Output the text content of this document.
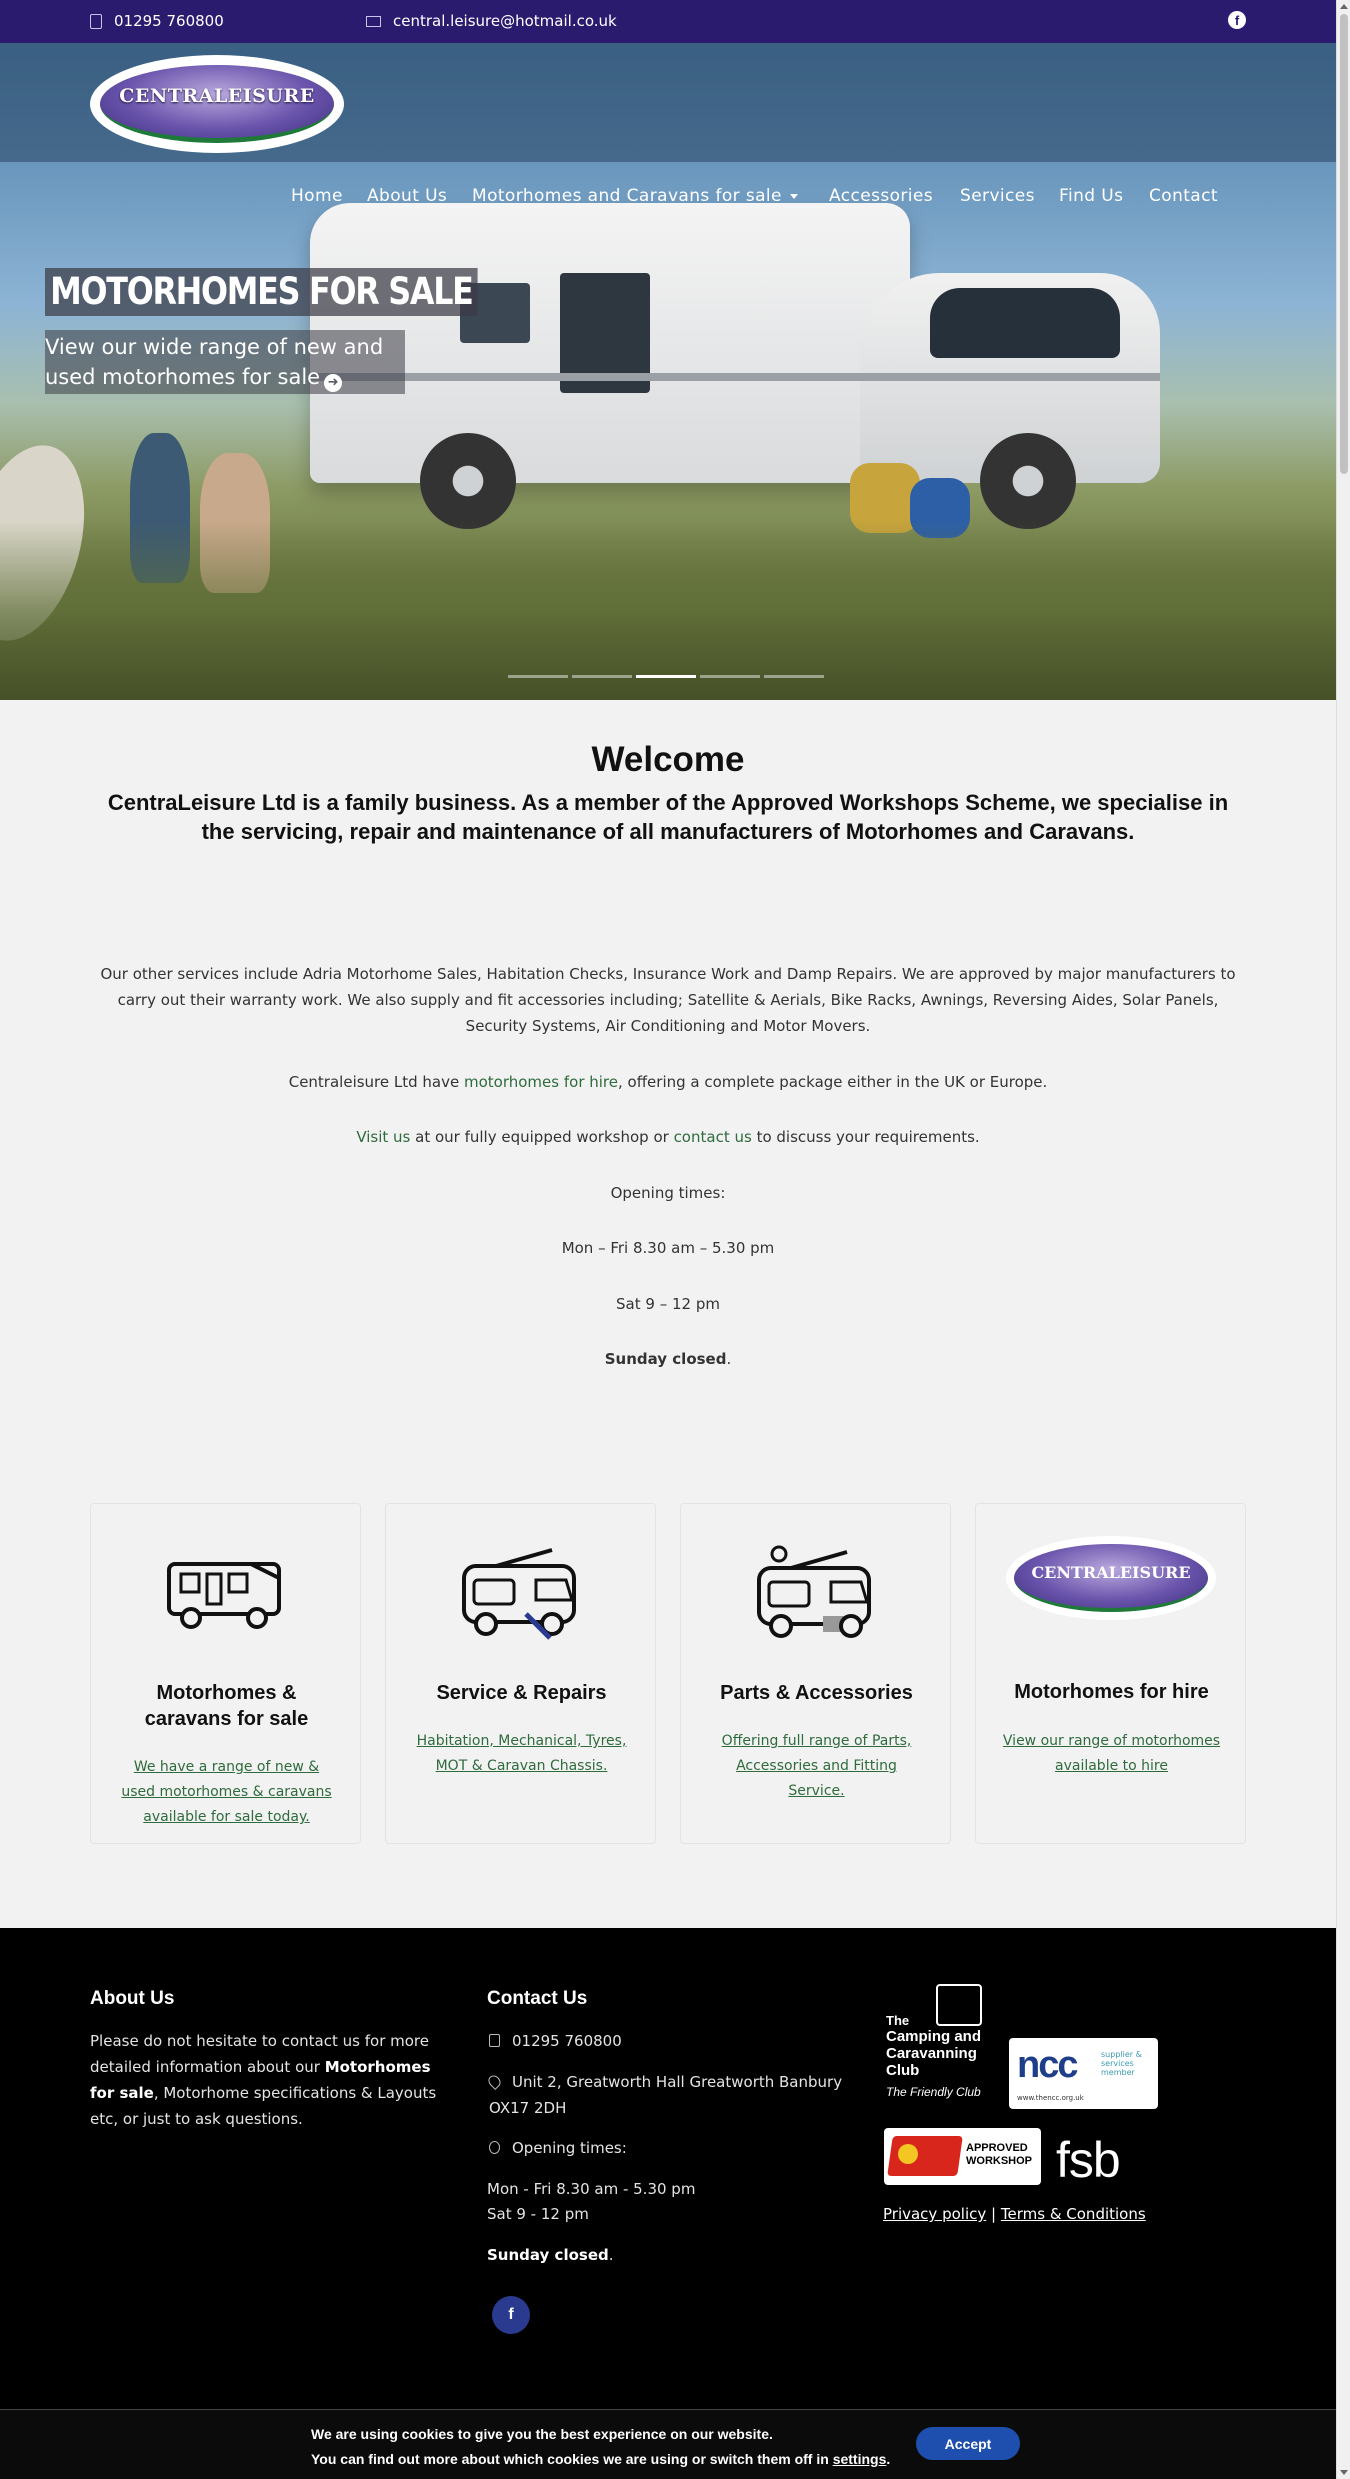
01295 760800	central.leisure@hotmail.co.uk	f
CENTRALEISURE
Home About Us Motorhomes and Caravans for sale	Accessories Services Find Us Contact
MOTORHOMES FOR SALE
View our wide range of new and used motorhomes for sale ➜
Welcome
CentraLeisure Ltd is a family business. As a member of the Approved Workshops Scheme, we specialise in the servicing, repair and maintenance of all manufacturers of Motorhomes and Caravans.
Our other services include Adria Motorhome Sales, Habitation Checks, Insurance Work and Damp Repairs. We are approved by major manufacturers to carry out their warranty work. We also supply and fit accessories including; Satellite & Aerials, Bike Racks, Awnings, Reversing Aides, Solar Panels, Security Systems, Air Conditioning and Motor Movers.
Centraleisure Ltd have motorhomes for hire, offering a complete package either in the UK or Europe.
Visit us at our fully equipped workshop or contact us to discuss your requirements.
Opening times:
Mon – Fri 8.30 am – 5.30 pm
Sat 9 – 12 pm
Sunday closed.
Motorhomes & caravans for sale
We have a range of new & used motorhomes & caravans available for sale today.
Service & Repairs
Habitation, Mechanical, Tyres, MOT & Caravan Chassis.
Parts & Accessories
Offering full range of Parts, Accessories and Fitting Service.
CENTRALEISURE
Motorhomes for hire
View our range of motorhomes available to hire
About Us
Please do not hesitate to contact us for more detailed information about our Motorhomes for sale, Motorhome specifications & Layouts etc, or just to ask questions.
Contact Us
01295 760800
Unit 2, Greatworth Hall Greatworth Banbury OX17 2DH
Opening times:
Mon - Fri 8.30 am - 5.30 pm
Sat 9 - 12 pm
Sunday closed.
f
The
Camping and
Caravanning
Club
The Friendly Club
ncc	supplier & services member
www.thencc.org.uk
APPROVED WORKSHOP fsb
Privacy policy | Terms & Conditions
We are using cookies to give you the best experience on our website.
You can find out more about which cookies we are using or switch them off in settings.
Accept
